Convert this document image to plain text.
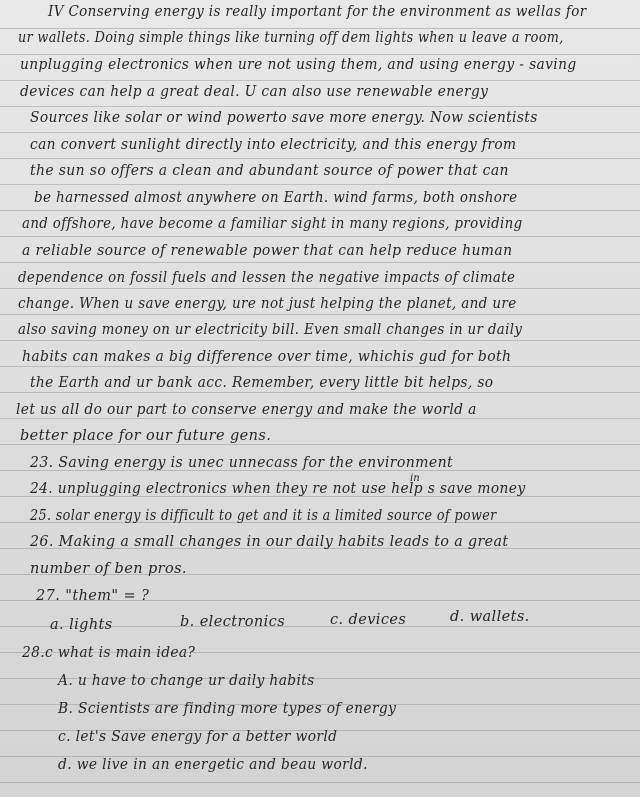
IV Conserving energy is really important for the environment as wellas for
ur wallets. Doing simple things like turning off dem lights when u leave a room,
unplugging electronics when ure not using them, and using energy - saving
devices can help a great deal. U can also use renewable energy
Sources like solar or wind powerto save more energy. Now scientists
can convert sunlight directly into electricity, and this energy from
the sun so offers a clean and abundant source of power that can
be harnessed almost anywhere on Earth. wind farms, both onshore
and offshore, have become a familiar sight in many regions, providing
a reliable source of renewable power that can help reduce human
dependence on fossil fuels and lessen the negative impacts of climate
change. When u save energy, ure not just helping the planet, and ure
also saving money on ur electricity bill. Even small changes in ur daily
habits can makes a big difference over time, whichis gud for both
the Earth and ur bank acc. Remember, every little bit helps, so
let us all do our part to conserve energy and make the world a
better place for our future gens.
23. Saving energy is unec unnecass for the environment
24. unplugging electronics when they re not use help s save money
in
25. solar energy is difficult to get and it is a limited source of power
26. Making a small changes in our daily habits leads to a great
number of ben pros.
27. "them" = ?
a. lights	b. electronics	c. devices	d. wallets.
28.c what is main idea?
A. u have to change ur daily habits
B. Scientists are finding more types of energy
c. let's Save energy for a better world
d. we live in an energetic and beau world.
